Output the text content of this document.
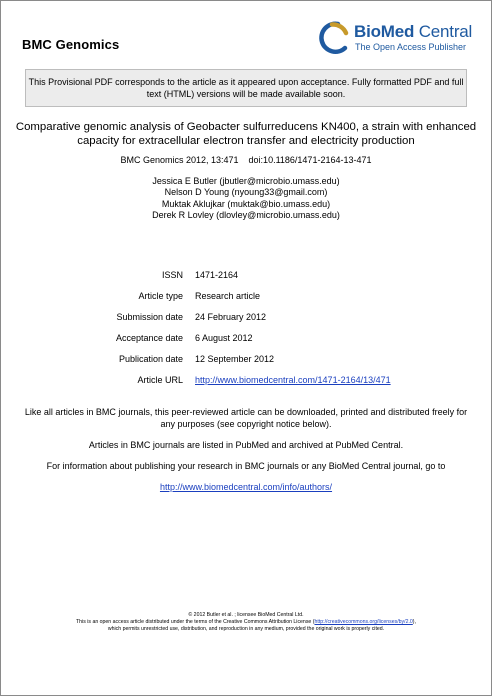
BMC Genomics
BioMed Central
The Open Access Publisher
This Provisional PDF corresponds to the article as it appeared upon acceptance. Fully formatted PDF and full text (HTML) versions will be made available soon.
Comparative genomic analysis of Geobacter sulfurreducens KN400, a strain with enhanced capacity for extracellular electron transfer and electricity production
BMC Genomics 2012, 13:471    doi:10.1186/1471-2164-13-471
Jessica E Butler (jbutler@microbio.umass.edu)
Nelson D Young (nyoung33@gmail.com)
Muktak Aklujkar (muktak@bio.umass.edu)
Derek R Lovley (dlovley@microbio.umass.edu)
ISSN 1471-2164
Article type Research article
Submission date 24 February 2012
Acceptance date 6 August 2012
Publication date 12 September 2012
Article URL http://www.biomedcentral.com/1471-2164/13/471
Like all articles in BMC journals, this peer-reviewed article can be downloaded, printed and distributed freely for any purposes (see copyright notice below).
Articles in BMC journals are listed in PubMed and archived at PubMed Central.
For information about publishing your research in BMC journals or any BioMed Central journal, go to
http://www.biomedcentral.com/info/authors/
© 2012 Butler et al. ; licensee BioMed Central Ltd.
This is an open access article distributed under the terms of the Creative Commons Attribution License (http://creativecommons.org/licenses/by/2.0),
which permits unrestricted use, distribution, and reproduction in any medium, provided the original work is properly cited.
